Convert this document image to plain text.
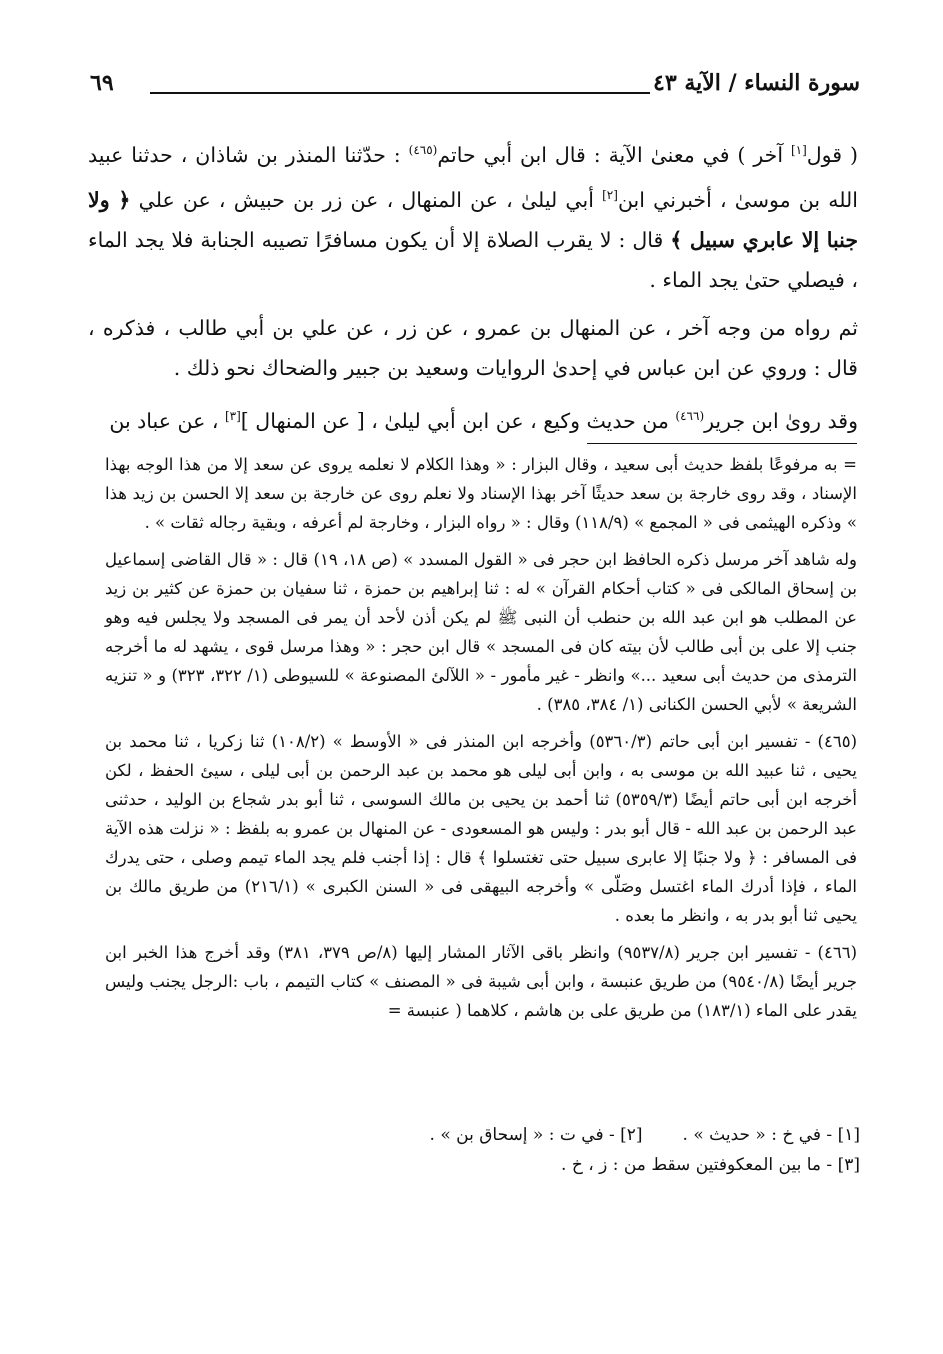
٦٩	سورة النساء / الآية ٤٣

( قول[١] آخر ) في معنىٰ الآية : قال ابن أبي حاتم$^{(٤٦٥)}$ : حدّثنا المنذر بن شاذان ، حدثنا عبيد الله بن موسىٰ ، أخبرني ابن[٢] أبي ليلىٰ ، عن المنهال ، عن زر بن حبيش ، عن علي ﴿ ولا جنبا إلا عابري سبيل ﴾ قال : لا يقرب الصلاة إلا أن يكون مسافرًا تصيبه الجنابة فلا يجد الماء ، فيصلي حتىٰ يجد الماء .

ثم رواه من وجه آخر ، عن المنهال بن عمرو ، عن زر ، عن علي بن أبي طالب ، فذكره ، قال : وروي عن ابن عباس في إحدىٰ الروايات وسعيد بن جبير والضحاك نحو ذلك .

وقد رویٰ ابن جریر$^{(٤٦٦)}$ من حديث وكيع ، عن ابن أبي ليلىٰ ، [ عن المنهال ][٣] ، عن عباد بن

= به مرفوعًا بلفظ حديث أبى سعيد ، وقال البزار : « وهذا الكلام لا نعلمه يروى عن سعد إلا من هذا الوجه بهذا الإسناد ، وقد روى خارجة بن سعد حديثًا آخر بهذا الإسناد ولا نعلم روى عن خارجة بن سعد إلا الحسن بن زيد هذا » وذكره الهيثمى فى « المجمع » (١١٨/٩) وقال : « رواه البزار ، وخارجة لم أعرفه ، وبقية رجاله ثقات » .

وله شاهد آخر مرسل ذكره الحافظ ابن حجر فى « القول المسدد » (ص ١٨، ١٩) قال : « قال القاضى إسماعيل بن إسحاق المالكى فى « كتاب أحكام القرآن » له : ثنا إبراهيم بن حمزة ، ثنا سفيان بن حمزة عن كثير بن زيد عن المطلب هو ابن عبد الله بن حنطب أن النبى ﷺ لم يكن أذن لأحد أن يمر فى المسجد ولا يجلس فيه وهو جنب إلا على بن أبى طالب لأن بيته كان فى المسجد » قال ابن حجر : « وهذا مرسل قوى ، يشهد له ما أخرجه الترمذى من حديث أبى سعيد ...» وانظر - غير مأمور - « اللآلئ المصنوعة » للسيوطى (١/ ٣٢٢، ٣٢٣) و « تنزيه الشريعة » لأبي الحسن الكنانى (١/ ٣٨٤، ٣٨٥) .

(٤٦٥) - تفسير ابن أبى حاتم (٥٣٦٠/٣) وأخرجه ابن المنذر فى « الأوسط » (١٠٨/٢) ثنا زكريا ، ثنا محمد بن يحيى ، ثنا عبيد الله بن موسى به ، وابن أبى ليلى هو محمد بن عبد الرحمن بن أبى ليلى ، سيئ الحفظ ، لكن أخرجه ابن أبى حاتم أيضًا (٥٣٥٩/٣) ثنا أحمد بن يحيى بن مالك السوسى ، ثنا أبو بدر شجاع بن الوليد ، حدثنى عبد الرحمن بن عبد الله - قال أبو بدر : وليس هو المسعودى - عن المنهال بن عمرو به بلفظ : « نزلت هذه الآية فى المسافر : ﴿ ولا جنبًا إلا عابرى سبيل حتى تغتسلوا ﴾ قال : إذا أجنب فلم يجد الماء تيمم وصلى ، حتى يدرك الماء ، فإذا أدرك الماء اغتسل وصَلّى » وأخرجه البيهقى فى « السنن الكبرى » (٢١٦/١) من طريق مالك بن يحيى ثنا أبو بدر به ، وانظر ما بعده .

(٤٦٦) - تفسير ابن جرير (٩٥٣٧/٨) وانظر باقى الآثار المشار إليها (٨/ص ٣٧٩، ٣٨١) وقد أخرج هذا الخبر ابن جرير أيضًا (٩٥٤٠/٨) من طريق عنبسة ، وابن أبى شيبة فى « المصنف » كتاب التيمم ، باب :الرجل يجنب وليس يقدر على الماء (١٨٣/١) من طريق على بن هاشم ، كلاهما ( عنبسة =

[١] - في خ : « حديث » .
[٢] - في ت : « إسحاق بن » .
[٣] - ما بين المعكوفتين سقط من : ز ، خ .
